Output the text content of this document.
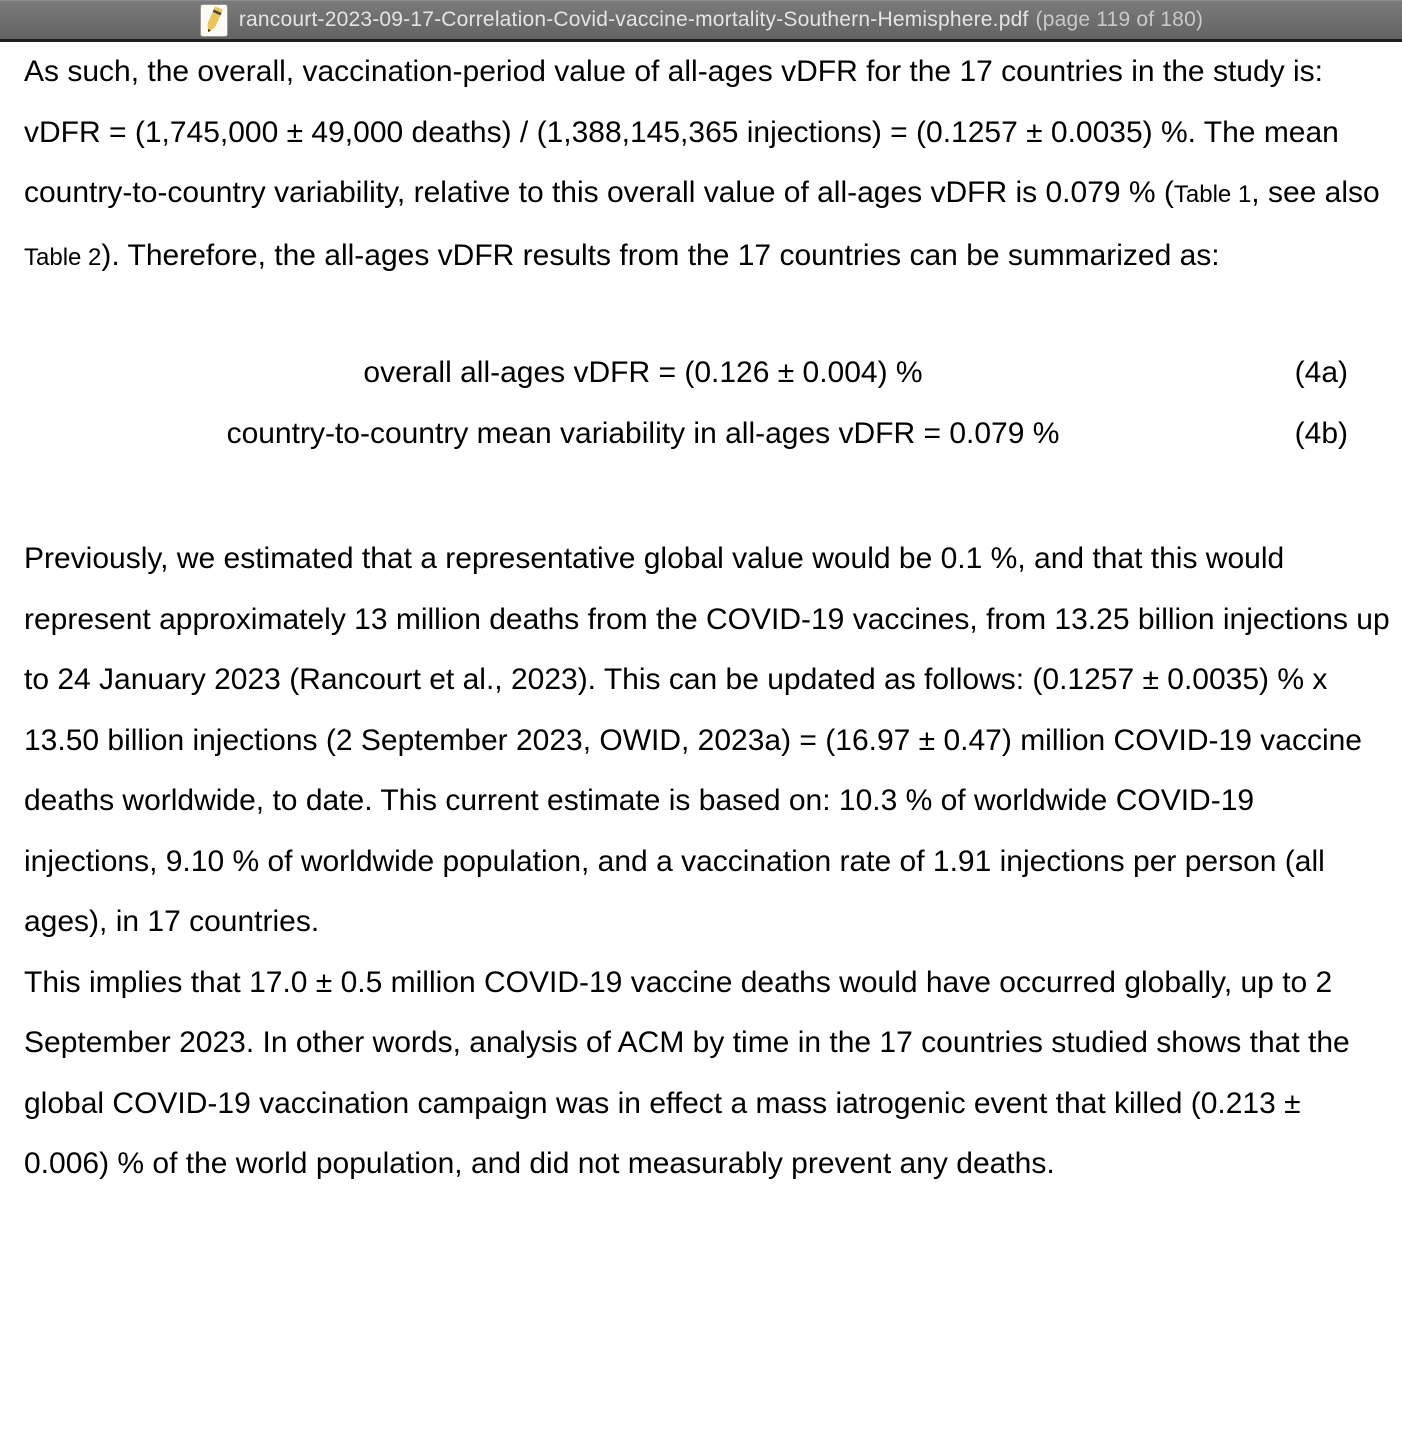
rancourt-2023-09-17-Correlation-Covid-vaccine-mortality-Southern-Hemisphere.pdf (page 119 of 180)

As such, the overall, vaccination-period value of all-ages vDFR for the 17 countries in the study is: vDFR = (1,745,000 ± 49,000 deaths) / (1,388,145,365 injections) = (0.1257 ± 0.0035) %. The mean country-to-country variability, relative to this overall value of all-ages vDFR is 0.079 % (Table 1, see also Table 2). Therefore, the all-ages vDFR results from the 17 countries can be summarized as:

overall all-ages vDFR = (0.126 ± 0.004) %	(4a)
country-to-country mean variability in all-ages vDFR = 0.079 %	(4b)

Previously, we estimated that a representative global value would be 0.1 %, and that this would represent approximately 13 million deaths from the COVID-19 vaccines, from 13.25 billion injections up to 24 January 2023 (Rancourt et al., 2023). This can be updated as follows: (0.1257 ± 0.0035) % x 13.50 billion injections (2 September 2023, OWID, 2023a) = (16.97 ± 0.47) million COVID-19 vaccine deaths worldwide, to date. This current estimate is based on: 10.3 % of worldwide COVID-19 injections, 9.10 % of worldwide population, and a vaccination rate of 1.91 injections per person (all ages), in 17 countries.

This implies that 17.0 ± 0.5 million COVID-19 vaccine deaths would have occurred globally, up to 2 September 2023. In other words, analysis of ACM by time in the 17 countries studied shows that the global COVID-19 vaccination campaign was in effect a mass iatrogenic event that killed (0.213 ± 0.006) % of the world population, and did not measurably prevent any deaths.
